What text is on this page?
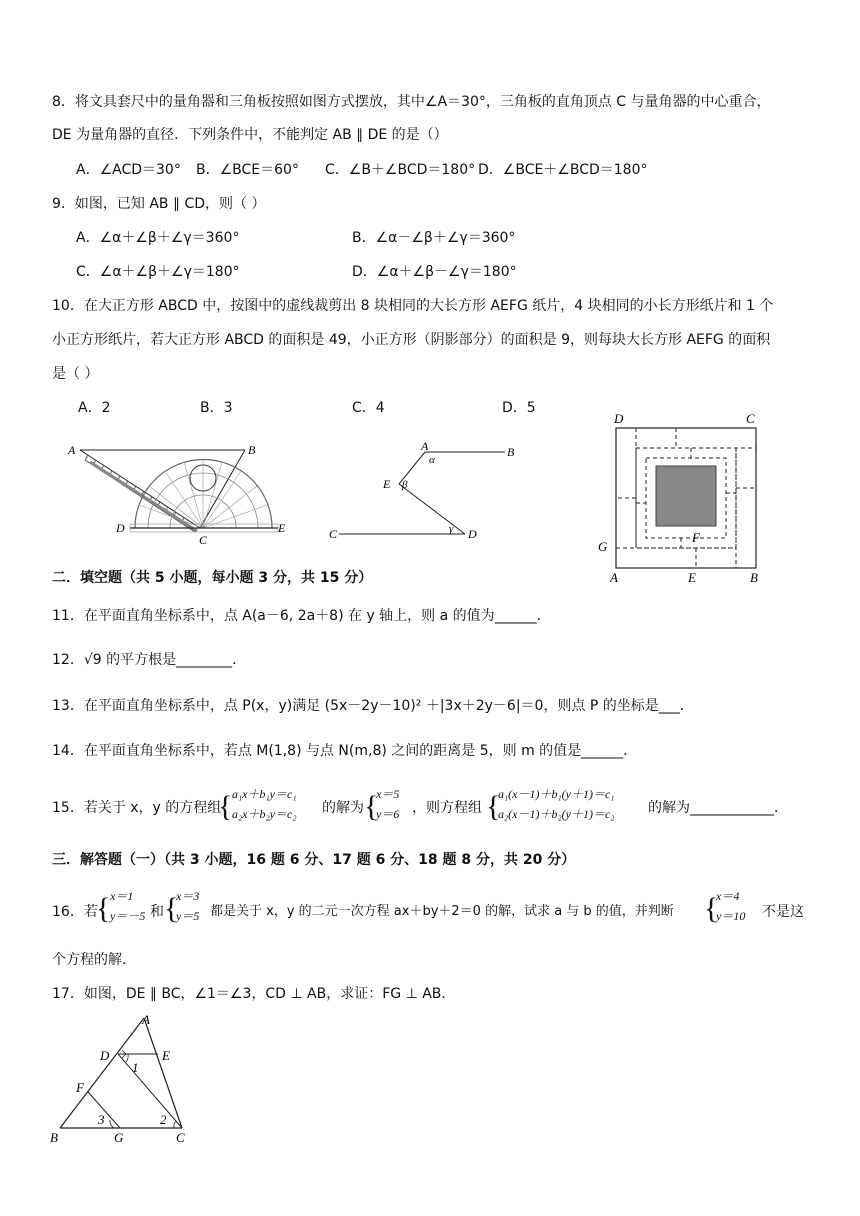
8．将文具套尺中的量角器和三角板按照如图方式摆放，其中∠A＝30°，三角板的直角顶点 C 与量角器的中心重合，
DE 为量角器的直径．下列条件中，不能判定 AB ∥ DE 的是（）
A．∠ACD＝30° B．∠BCE＝60° C．∠B＋∠BCD＝180° D．∠BCE＋∠BCD＝180°
9．如图，已知 AB ∥ CD，则（ ）
A．∠α＋∠β＋∠γ＝360°	B．∠α－∠β＋∠γ＝360°
C．∠α＋∠β＋∠γ＝180°	D．∠α＋∠β－∠γ＝180°
10．在大正方形 ABCD 中，按图中的虚线裁剪出 8 块相同的大长方形 AEFG 纸片，4 块相同的小长方形纸片和 1 个
小正方形纸片，若大正方形 ABCD 的面积是 49，小正方形（阴影部分）的面积是 9，则每块大长方形 AEFG 的面积
是（ ）
A．2	B．3	C．4	D．5
A	B
C
D	E
A	B
C	D
E
α
β
γ
D	C
A	E	B
G
F
二．填空题（共 5 小题，每小题 3 分，共 15 分）
11．在平面直角坐标系中，点 A(a－6, 2a＋8) 在 y 轴上，则 a 的值为______．
12．√9 的平方根是________．
13．在平面直角坐标系中，点 P(x，y)满足 (5x－2y－10)² ＋|3x＋2y－6|＝0，则点 P 的坐标是___．
14．在平面直角坐标系中，若点 M(1,8) 与点 N(m,8) 之间的距离是 5，则 m 的值是______．
15．若关于 x，y 的方程组
{ a₁x＋b₁y＝c₁
a₂x＋b₂y＝c₂ 的解为 {
x＝5
y＝6 ，则方程组 {
a₁(x－1)＋b₁(y＋1)＝c₁
a₂(x－1)＋b₂(y＋1)＝c₂ 的解为____________．
三．解答题（一）（共 3 小题，16 题 6 分、17 题 6 分、18 题 8 分，共 20 分）
16．若
{ x＝1
y＝－5 和 {
x＝3
y＝5 都是关于 x，y 的二元一次方程 ax＋by＋2＝0 的解，试求 a 与 b 的值，并判断 {
x＝4
y＝10 不是这
个方程的解．
17．如图，DE ∥ BC，∠1＝∠3，CD ⊥ AB，求证：FG ⊥ AB．
A
B	C
D	E
F
G
1
2
3
